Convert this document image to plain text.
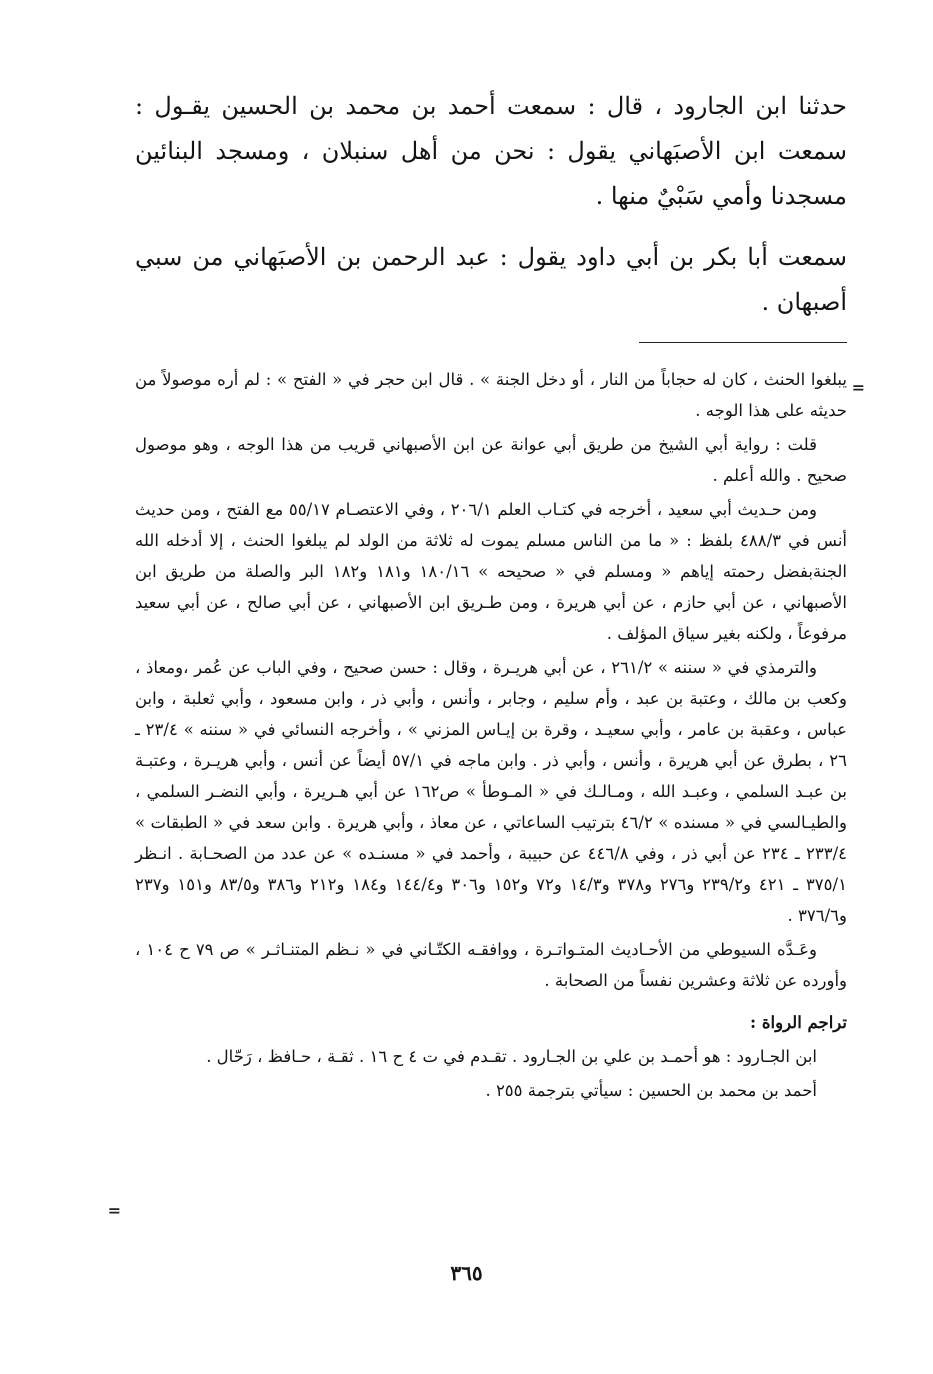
حدثنا ابن الجارود ، قال : سمعت أحمد بن محمد بن الحسين يقـول : سمعت ابن الأصبَهاني يقول : نحن من أهل سنبلان ، ومسجد البنائين مسجدنا وأمي سَبْيٌ منها .

سمعت أبا بكر بن أبي داود يقول : عبد الرحمن بن الأصبَهاني من سبي أصبهان .

=

يبلغوا الحنث ، كان له حجاباً من النار ، أو دخل الجنة » . قال ابن حجر في « الفتح » : لم أره موصولاً من حديثه على هذا الوجه .

قلت : رواية أبي الشيخ من طريق أبي عوانة عن ابن الأصبهاني قريب من هذا الوجه ، وهو موصول صحيح . والله أعلم .

ومن حـديث أبي سعيد ، أخرجه في كتـاب العلم ٢٠٦/١ ، وفي الاعتصـام ٥٥/١٧ مع الفتح ، ومن حديث أنس في ٤٨٨/٣ بلفظ : « ما من الناس مسلم يموت له ثلاثة من الولد لم يبلغوا الحنث ، إلا أدخله الله الجنةبفضل رحمته إياهم « ومسلم في « صحيحه » ١٨٠/١٦ و١٨١ و١٨٢ البر والصلة من طريق ابن الأصبهاني ، عن أبي حازم ، عن أبي هريرة ، ومن طـريق ابن الأصبهاني ، عن أبي صالح ، عن أبي سعيد مرفوعاً ، ولكنه بغير سياق المؤلف .

والترمذي في « سننه » ٢٦١/٢ ، عن أبي هريـرة ، وقال : حسن صحيح ، وفي الباب عن عُمر ،ومعاذ ، وكعب بن مالك ، وعتبة بن عبد ، وأم سليم ، وجابر ، وأنس ، وأبي ذر ، وابن مسعود ، وأبي ثعلبة ، وابن عباس ، وعقبة بن عامر ، وأبي سعيـد ، وقرة بن إيـاس المزني » ، وأخرجه النسائي في « سننه » ٢٣/٤ ـ ٢٦ ، بطرق عن أبي هريرة ، وأنس ، وأبي ذر . وابن ماجه في ٥٧/١ أيضاً عن أنس ، وأبي هريـرة ، وعتبـة بن عبـد السلمي ، وعبـد الله ، ومـالـك في « المـوطأ » ص١٦٢ عن أبي هـريرة ، وأبي النضـر السلمي ، والطيـالسي في « مسنده » ٤٦/٢ بترتيب الساعاتي ، عن معاذ ، وأبي هريرة . وابن سعد في « الطبقات » ٢٣٣/٤ ـ ٢٣٤ عن أبي ذر ، وفي ٤٤٦/٨ عن حبيبة ، وأحمد في « مسنـده » عن عدد من الصحـابة . انـظر ٣٧٥/١ ـ ٤٢١ و٢٣٩/٢ و٢٧٦ و٣٧٨ و١٤/٣ و٧٢ و١٥٢ و٣٠٦ و١٤٤/٤ و١٨٤ و٢١٢ و٣٨٦ و٨٣/٥ و١٥١ و٢٣٧ و٣٧٦/٦ .

وعَـدَّه السيوطي من الأحـاديث المتـواتـرة ، ووافقـه الكتّـاني في « نـظم المتنـاثـر » ص ٧٩ ح ١٠٤ ، وأورده عن ثلاثة وعشرين نفساً من الصحابة .

تراجم الرواة :

ابن الجـارود : هو أحمـد بن علي بن الجـارود . تقـدم في ت ٤ ح ١٦ . ثقـة ، حـافظ ، رَحّال .

أحمد بن محمد بن الحسين : سيأتي بترجمة ٢٥٥ .

=
٣٦٥
